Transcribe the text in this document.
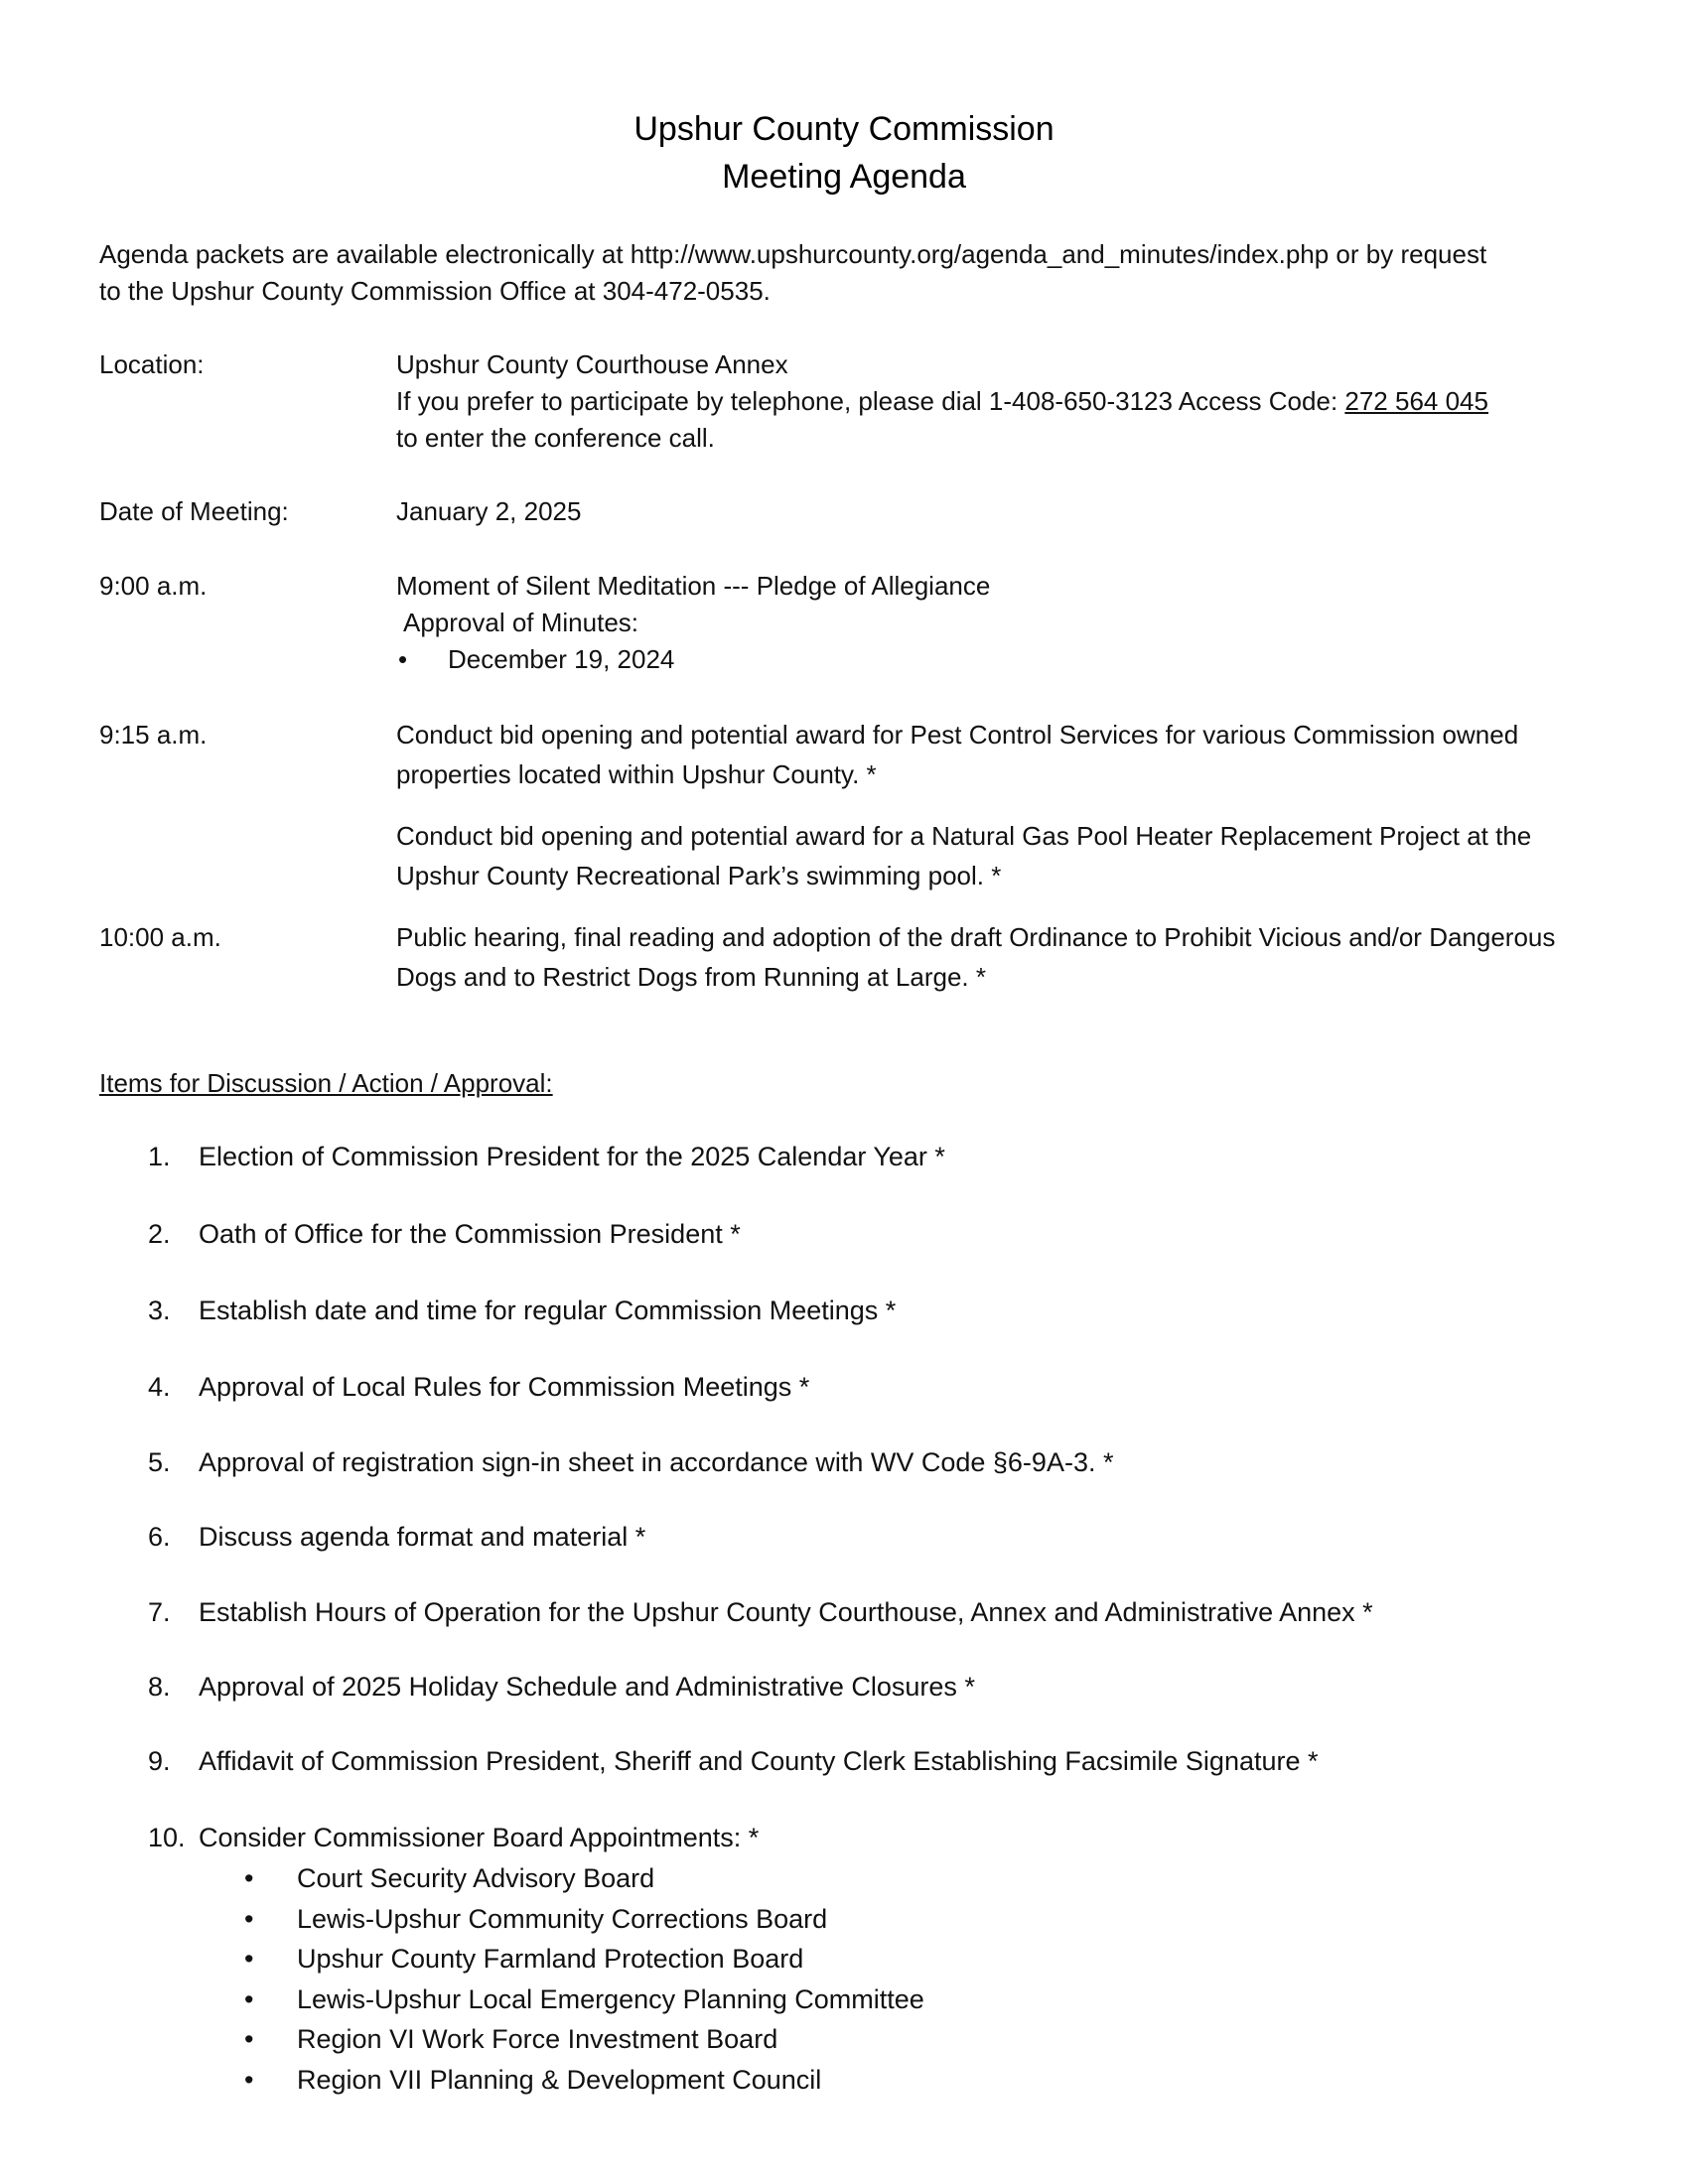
Upshur County Commission
Meeting Agenda
Agenda packets are available electronically at http://www.upshurcounty.org/agenda_and_minutes/index.php or by request
to the Upshur County Commission Office at 304-472-0535.
Location:	Upshur County Courthouse Annex

If you prefer to participate by telephone, please dial 1-408-650-3123 Access Code: 272 564 045

to enter the conference call.

Date of Meeting:	January 2, 2025
9:00 a.m.	Moment of Silent Meditation --- Pledge of Allegiance

Approval of Minutes:

•	December 19, 2024
9:15 a.m.	Conduct bid opening and potential award for Pest Control Services for various Commission owned properties located within Upshur County. *
Conduct bid opening and potential award for a Natural Gas Pool Heater Replacement Project at the Upshur County Recreational Park’s swimming pool. *
10:00 a.m.	Public hearing, final reading and adoption of the draft Ordinance to Prohibit Vicious and/or Dangerous Dogs and to Restrict Dogs from Running at Large. *
Items for Discussion / Action / Approval:
1.	Election of Commission President for the 2025 Calendar Year *
2.	Oath of Office for the Commission President *
3.	Establish date and time for regular Commission Meetings *
4.	Approval of Local Rules for Commission Meetings *
5.	Approval of registration sign-in sheet in accordance with WV Code §6-9A-3. *
6.	Discuss agenda format and material *
7.	Establish Hours of Operation for the Upshur County Courthouse, Annex and Administrative Annex *
8.	Approval of 2025 Holiday Schedule and Administrative Closures *
9.	Affidavit of Commission President, Sheriff and County Clerk Establishing Facsimile Signature *
10. Consider Commissioner Board Appointments: *
•	Court Security Advisory Board
•	Lewis-Upshur Community Corrections Board
•	Upshur County Farmland Protection Board
•	Lewis-Upshur Local Emergency Planning Committee
•	Region VI Work Force Investment Board
•	Region VII Planning & Development Council
